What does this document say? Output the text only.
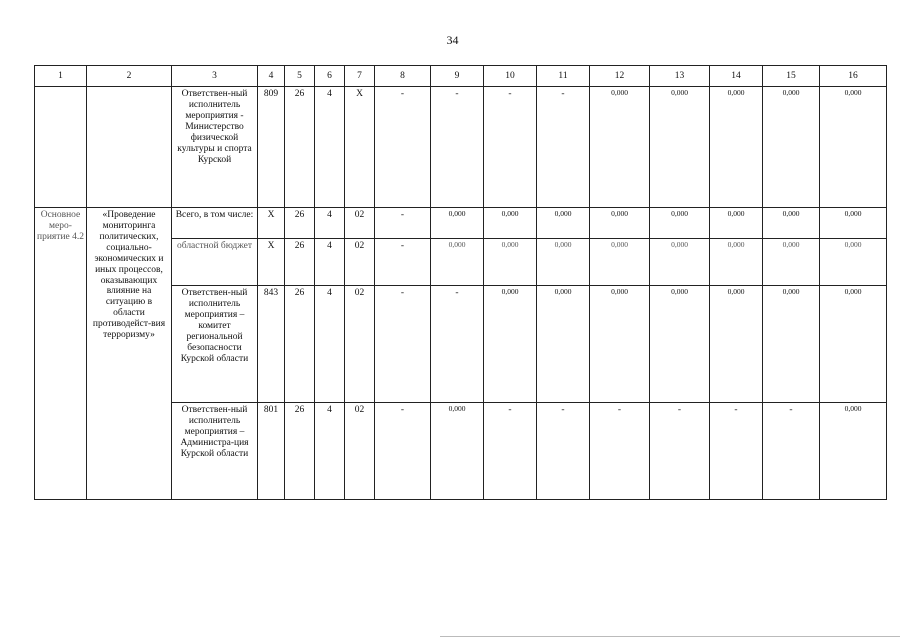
34
1	2	3	4	5	6	7	8	9	10	11	12	13	14	15	16
		Ответствен-ный исполнитель мероприятия - Министерство физической культуры и спорта Курской	809	26	4	Х	-	-	-	-	0,000	0,000	0,000	0,000	0,000
Основное меро-приятие 4.2	«Проведение мониторинга политических, социально-экономических и иных процессов, оказывающих влияние на ситуацию в области противодейст-вия терроризму»	Всего, в том числе:	Х	26	4	02	-	0,000	0,000	0,000	0,000	0,000	0,000	0,000	0,000
		областной бюджет	Х	26	4	02	-	0,000	0,000	0,000	0,000	0,000	0,000	0,000	0,000
		Ответствен-ный исполнитель мероприятия – комитет региональной безопасности Курской области	843	26	4	02	-	-	0,000	0,000	0,000	0,000	0,000	0,000	0,000
		Ответствен-ный исполнитель мероприятия – Администра-ция Курской области	801	26	4	02	-	0,000	-	-	-	-	-	-	0,000
